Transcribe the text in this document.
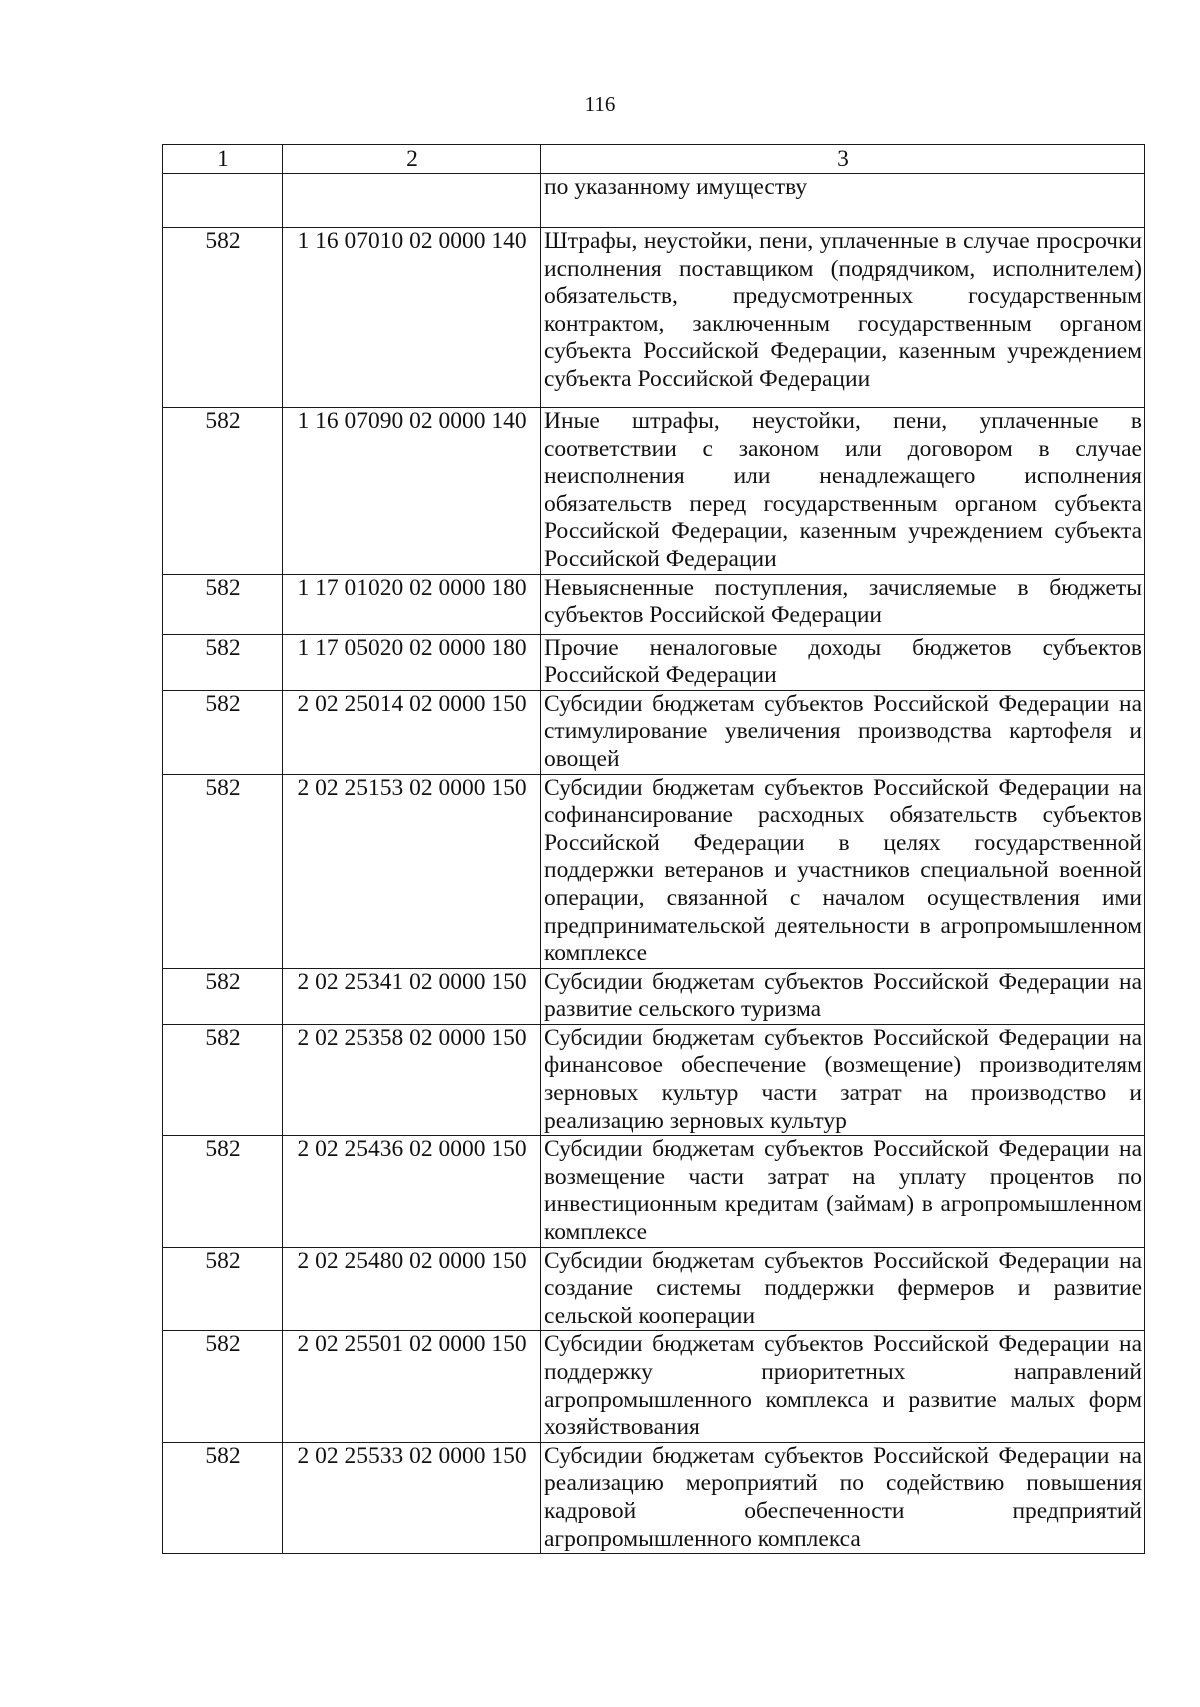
116
1	2	3
		по указанному имуществу
582	1 16 07010 02 0000 140	Штрафы, неустойки, пени, уплаченные в случае просрочки исполнения поставщиком (подрядчиком, исполнителем) обязательств, предусмотренных государственным контрактом, заключенным государственным органом субъекта Российской Федерации, казенным учреждением субъекта Российской Федерации
582	1 16 07090 02 0000 140	Иные штрафы, неустойки, пени, уплаченные в соответствии с законом или договором в случае неисполнения или ненадлежащего исполнения обязательств перед государственным органом субъекта Российской Федерации, казенным учреждением субъекта Российской Федерации
582	1 17 01020 02 0000 180	Невыясненные поступления, зачисляемые в бюджеты субъектов Российской Федерации
582	1 17 05020 02 0000 180	Прочие неналоговые доходы бюджетов субъектов Российской Федерации
582	2 02 25014 02 0000 150	Субсидии бюджетам субъектов Российской Федерации на стимулирование увеличения производства картофеля и овощей
582	2 02 25153 02 0000 150	Субсидии бюджетам субъектов Российской Федерации на софинансирование расходных обязательств субъектов Российской Федерации в целях государственной поддержки ветеранов и участников специальной военной операции, связанной с началом осуществления ими предпринимательской деятельности в агропромышленном комплексе
582	2 02 25341 02 0000 150	Субсидии бюджетам субъектов Российской Федерации на развитие сельского туризма
582	2 02 25358 02 0000 150	Субсидии бюджетам субъектов Российской Федерации на финансовое обеспечение (возмещение) производителям зерновых культур части затрат на производство и реализацию зерновых культур
582	2 02 25436 02 0000 150	Субсидии бюджетам субъектов Российской Федерации на возмещение части затрат на уплату процентов по инвестиционным кредитам (займам) в агропромышленном комплексе
582	2 02 25480 02 0000 150	Субсидии бюджетам субъектов Российской Федерации на создание системы поддержки фермеров и развитие сельской кооперации
582	2 02 25501 02 0000 150	Субсидии бюджетам субъектов Российской Федерации на поддержку приоритетных направлений агропромышленного комплекса и развитие малых форм хозяйствования
582	2 02 25533 02 0000 150	Субсидии бюджетам субъектов Российской Федерации на реализацию мероприятий по содействию повышения кадровой обеспеченности предприятий агропромышленного комплекса
